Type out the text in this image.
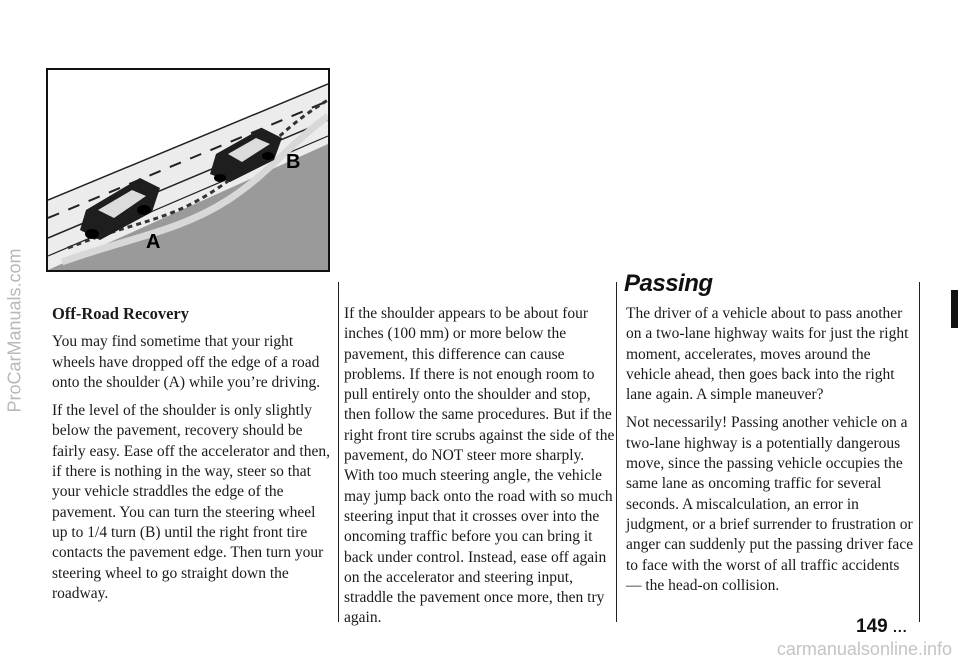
ProCarManuals.com
B
A
Off-Road Recovery

You may find sometime that your right wheels have dropped off the edge of a road onto the shoulder (A) while you’re driving.

If the level of the shoulder is only slightly below the pavement, recovery should be fairly easy. Ease off the accelerator and then, if there is nothing in the way, steer so that your vehicle straddles the edge of the pavement. You can turn the steering wheel up to 1/4 turn (B) until the right front tire contacts the pavement edge. Then turn your steering wheel to go straight down the roadway.

If the shoulder appears to be about four inches (100 mm) or more below the pavement, this difference can cause problems. If there is not enough room to pull entirely onto the shoulder and stop, then follow the same procedures. But if the right front tire scrubs against the side of the pavement, do NOT steer more sharply. With too much steering angle, the vehicle may jump back onto the road with so much steering input that it crosses over into the oncoming traffic before you can bring it back under control. Instead, ease off again on the accelerator and steering input, straddle the pavement once more, then try again.

Passing

The driver of a vehicle about to pass another on a two-lane highway waits for just the right moment, accelerates, moves around the vehicle ahead, then goes back into the right lane again. A simple maneuver?

Not necessarily! Passing another vehicle on a two-lane highway is a potentially dangerous move, since the passing vehicle occupies the same lane as oncoming traffic for several seconds. A miscalculation, an error in judgment, or a brief surrender to frustration or anger can suddenly put the passing driver face to face with the worst of all traffic accidents — the head-on collision.

149 ...
carmanualsonline.info
